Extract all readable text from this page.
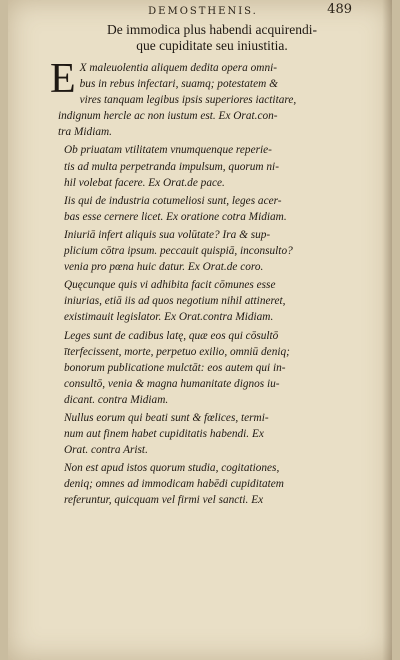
DEMOSTHENIS.	489
De immodica plus habendi acquirendi-
que cupiditate seu iniustitia.

E X maleuolentia aliquem dedita opera omni-
bus in rebus infectari, suamq; potestatem &
vires tanquam legibus ipsis superiores iactitare,
indignum hercle ac non iustum est. Ex Orat.con-
tra Midiam.

Ob priuatam vtilitatem vnumquenque reperie-
tis ad multa perpetranda impulsum, quorum ni-
hil volebat facere. Ex Orat.de pace.

Iis qui de industria cotumeliosi sunt, leges acer-
bas esse cernere licet. Ex oratione cotra Midiam.

Iniuriā infert aliquis sua volūtate? Ira & sup-
plicium cōtra ipsum. peccauit quispiā, inconsulto?
venia pro pœna huic datur. Ex Orat.de coro.

Quęcunque quis vi adhibita facit cōmunes esse
iniurias, etiā iis ad quos negotium nihil attineret,
existimauit legislator. Ex Orat.contra Midiam.

Leges sunt de cadibus latę, quæ eos qui cōsultō
īterfecissent, morte, perpetuo exilio, omniū deniq;
bonorum publicatione mulctāt: eos autem qui in-
consultō, venia & magna humanitate dignos iu-
dicant. contra Midiam.

Nullus eorum qui beati sunt & fœlices, termi-
num aut finem habet cupiditatis habendi. Ex
Orat. contra Arist.

Non est apud istos quorum studia, cogitationes,
deniq; omnes ad immodicam habēdi cupiditatem
referuntur, quicquam vel firmi vel sancti. Ex
